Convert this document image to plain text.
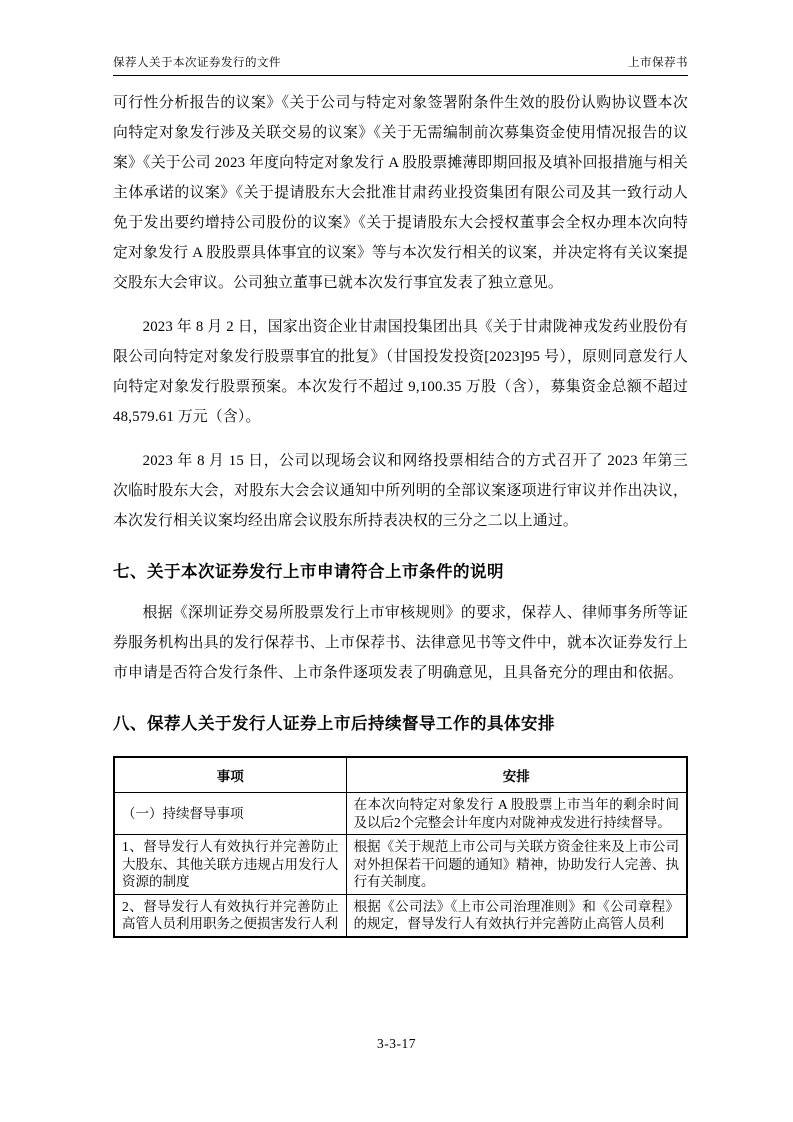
保荐人关于本次证券发行的文件	上市保荐书

可行性分析报告的议案》《关于公司与特定对象签署附条件生效的股份认购协议暨本次向特定对象发行涉及关联交易的议案》《关于无需编制前次募集资金使用情况报告的议案》《关于公司 2023 年度向特定对象发行 A 股股票摊薄即期回报及填补回报措施与相关主体承诺的议案》《关于提请股东大会批准甘肃药业投资集团有限公司及其一致行动人免于发出要约增持公司股份的议案》《关于提请股东大会授权董事会全权办理本次向特定对象发行 A 股股票具体事宜的议案》等与本次发行相关的议案，并决定将有关议案提交股东大会审议。公司独立董事已就本次发行事宜发表了独立意见。

2023 年 8 月 2 日，国家出资企业甘肃国投集团出具《关于甘肃陇神戎发药业股份有限公司向特定对象发行股票事宜的批复》（甘国投发投资[2023]95 号），原则同意发行人向特定对象发行股票预案。本次发行不超过 9,100.35 万股（含），募集资金总额不超过 48,579.61 万元（含）。

2023 年 8 月 15 日，公司以现场会议和网络投票相结合的方式召开了 2023 年第三次临时股东大会，对股东大会会议通知中所列明的全部议案逐项进行审议并作出决议，本次发行相关议案均经出席会议股东所持表决权的三分之二以上通过。

七、关于本次证券发行上市申请符合上市条件的说明

根据《深圳证券交易所股票发行上市审核规则》的要求，保荐人、律师事务所等证券服务机构出具的发行保荐书、上市保荐书、法律意见书等文件中，就本次证券发行上市申请是否符合发行条件、上市条件逐项发表了明确意见，且具备充分的理由和依据。

八、保荐人关于发行人证券上市后持续督导工作的具体安排
事项	安排
（一）持续督导事项	在本次向特定对象发行 A 股股票上市当年的剩余时间及以后2个完整会计年度内对陇神戎发进行持续督导。
1、督导发行人有效执行并完善防止大股东、其他关联方违规占用发行人资源的制度	根据《关于规范上市公司与关联方资金往来及上市公司对外担保若干问题的通知》精神，协助发行人完善、执行有关制度。
2、督导发行人有效执行并完善防止高管人员利用职务之便损害发行人利	根据《公司法》《上市公司治理准则》和《公司章程》的规定，督导发行人有效执行并完善防止高管人员利
3-3-17
